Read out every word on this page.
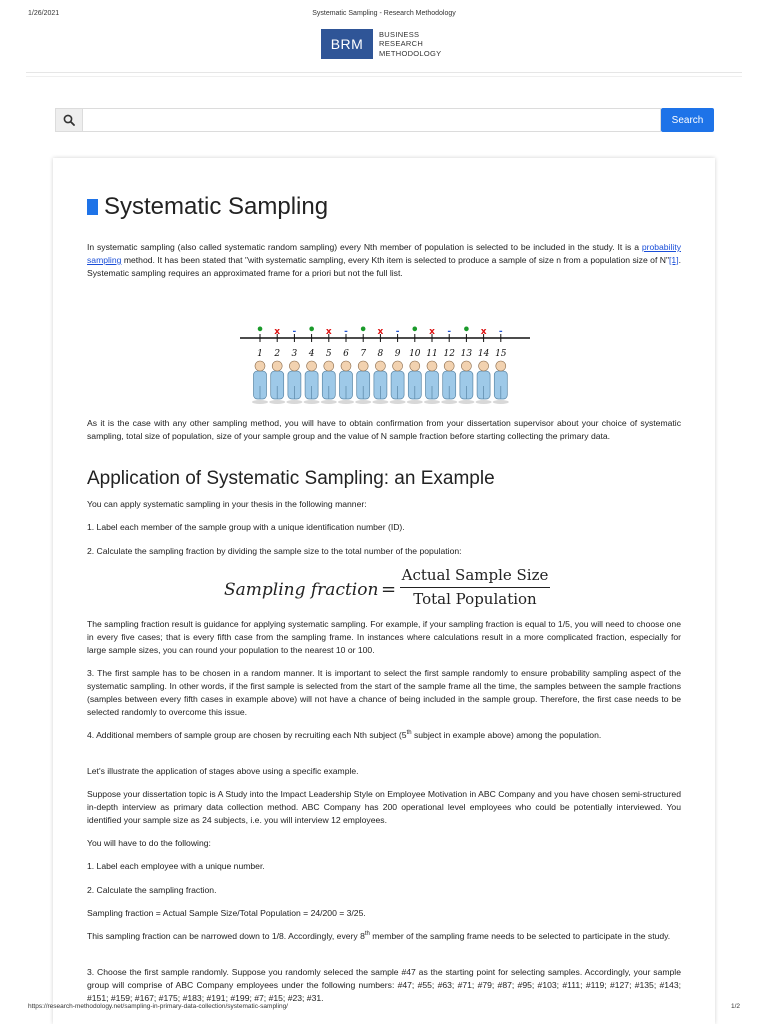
1/26/2021	Systematic Sampling - Research Methodology
BRM
BUSINESS
RESEARCH
METHODOLOGY
Search
Systematic Sampling
In systematic sampling (also called systematic random sampling) every Nth member of population is selected to be included in the study. It is a probability sampling method. It has been stated that "with systematic sampling, every Kth item is selected to produce a sample of size n from a population size of N"[1]. Systematic sampling requires an approximated frame for a priori but not the full list.
•
1
x
2
-
3
•
4
x
5
-
6
•
7
x
8
-
9
•
10
x
11
-
12
•
13
x
14
-
15
As it is the case with any other sampling method, you will have to obtain confirmation from your dissertation supervisor about your choice of systematic sampling, total size of population, size of your sample group and the value of N sample fraction before starting collecting the primary data.
Application of Systematic Sampling: an Example
You can apply systematic sampling in your thesis in the following manner:
1. Label each member of the sample group with a unique identification number (ID).
2. Calculate the sampling fraction by dividing the sample size to the total number of the population:
Sampling fraction =
Actual Sample Size
Total Population
The sampling fraction result is guidance for applying systematic sampling. For example, if your sampling fraction is equal to 1/5, you will need to choose one in every five cases; that is every fifth case from the sampling frame. In instances where calculations result in a more complicated fraction, especially for large sample sizes, you can round your population to the nearest 10 or 100.
3. The first sample has to be chosen in a random manner. It is important to select the first sample randomly to ensure probability sampling aspect of the systematic sampling. In other words, if the first sample is selected from the start of the sample frame all the time, the samples between the sample fractions (samples between every fifth cases in example above) will not have a chance of being included in the sample group. Therefore, the first case needs to be selected randomly to overcome this issue.
4. Additional members of sample group are chosen by recruiting each Nth subject (5th subject in example above) among the population.
Let's illustrate the application of stages above using a specific example.
Suppose your dissertation topic is A Study into the Impact Leadership Style on Employee Motivation in ABC Company and you have chosen semi-structured in-depth interview as primary data collection method. ABC Company has 200 operational level employees who could be potentially interviewed. You identified your sample size as 24 subjects, i.e. you will interview 12 employees.
You will have to do the following:
1. Label each employee with a unique number.
2. Calculate the sampling fraction.
Sampling fraction = Actual Sample Size/Total Population = 24/200 = 3/25.
This sampling fraction can be narrowed down to 1/8. Accordingly, every 8th member of the sampling frame needs to be selected to participate in the study.
3. Choose the first sample randomly. Suppose you randomly seleced the sample #47 as the starting point for selecting samples. Accordingly, your sample group will comprise of ABC Company employees under the following numbers: #47; #55; #63; #71; #79; #87; #95; #103; #111; #119; #127; #135; #143; #151; #159; #167; #175; #183; #191; #199; #7; #15; #23; #31.
https://research-methodology.net/sampling-in-primary-data-collection/systematic-sampling/	1/2
